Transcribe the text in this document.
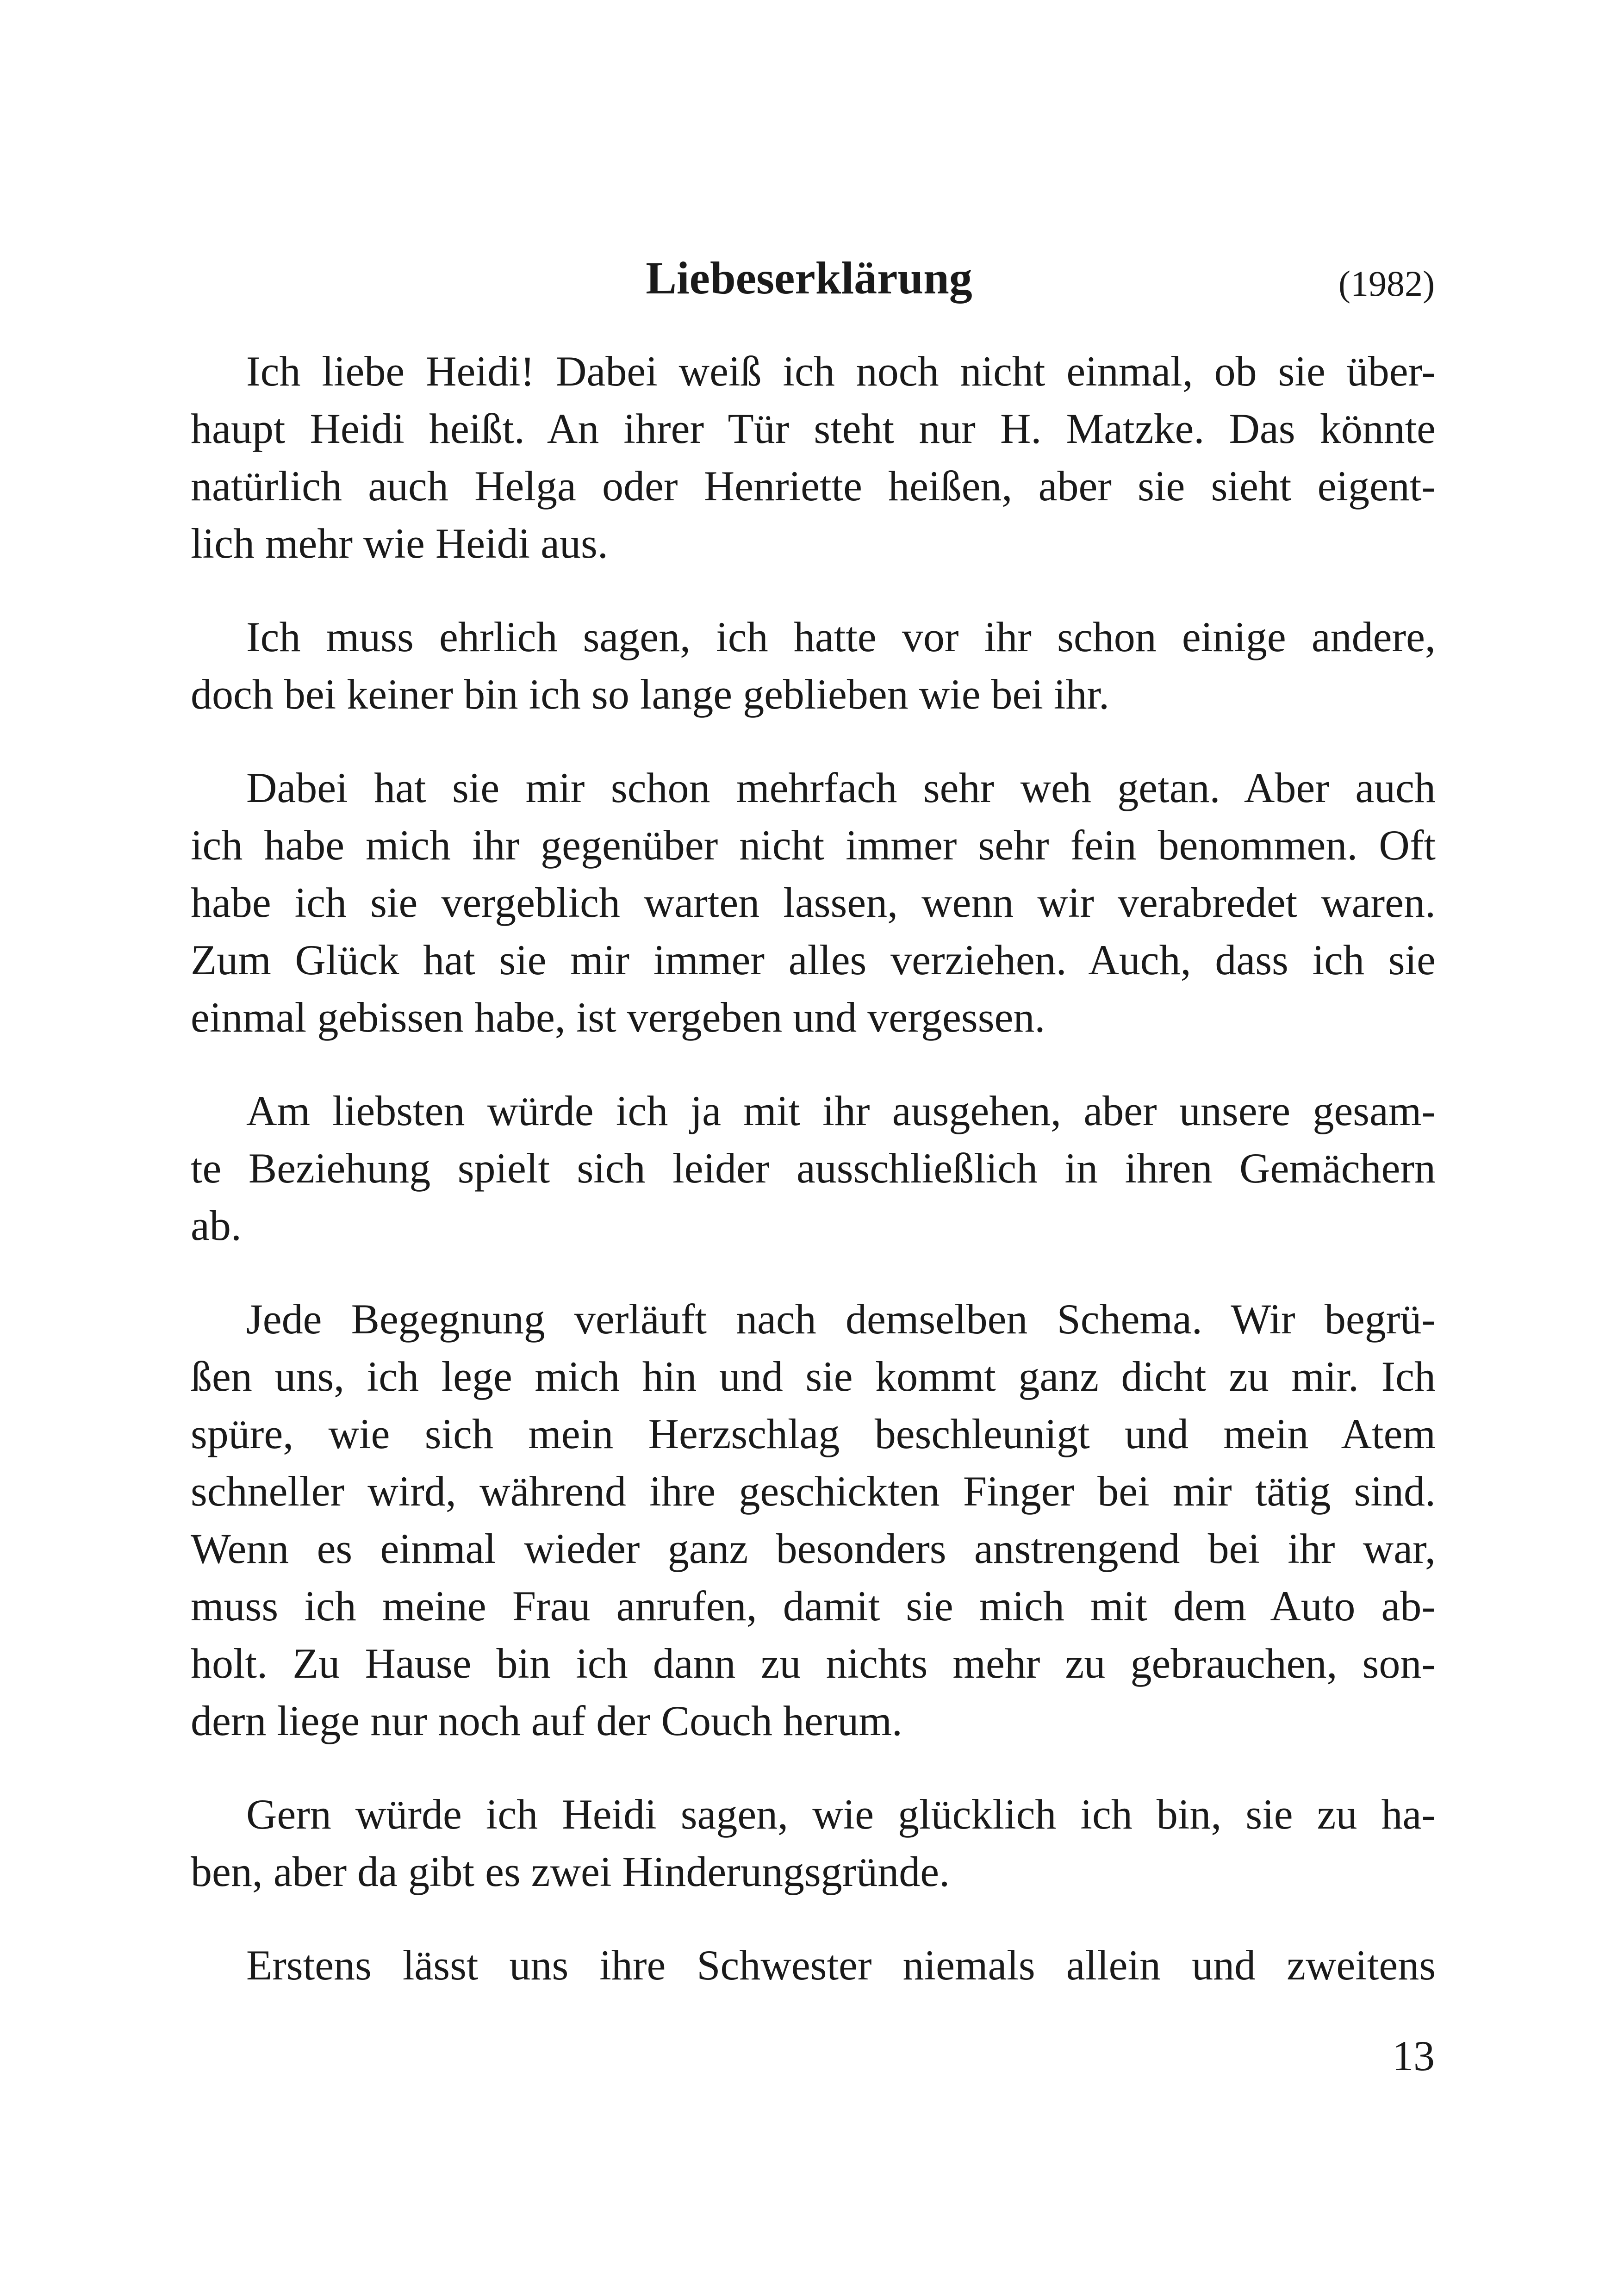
Liebeserklärung	(1982)

Ich liebe Heidi! Dabei weiß ich noch nicht einmal, ob sie über-
haupt Heidi heißt. An ihrer Tür steht nur H. Matzke. Das könnte
natürlich auch Helga oder Henriette heißen, aber sie sieht eigent-
lich mehr wie Heidi aus.

Ich muss ehrlich sagen, ich hatte vor ihr schon einige andere,
doch bei keiner bin ich so lange geblieben wie bei ihr.

Dabei hat sie mir schon mehrfach sehr weh getan. Aber auch
ich habe mich ihr gegenüber nicht immer sehr fein benommen. Oft
habe ich sie vergeblich warten lassen, wenn wir verabredet waren.
Zum Glück hat sie mir immer alles verziehen. Auch, dass ich sie
einmal gebissen habe, ist vergeben und vergessen.

Am liebsten würde ich ja mit ihr ausgehen, aber unsere gesam-
te Beziehung spielt sich leider ausschließlich in ihren Gemächern
ab.

Jede Begegnung verläuft nach demselben Schema. Wir begrü-
ßen uns, ich lege mich hin und sie kommt ganz dicht zu mir. Ich
spüre, wie sich mein Herzschlag beschleunigt und mein Atem
schneller wird, während ihre geschickten Finger bei mir tätig sind.
Wenn es einmal wieder ganz besonders anstrengend bei ihr war,
muss ich meine Frau anrufen, damit sie mich mit dem Auto ab-
holt. Zu Hause bin ich dann zu nichts mehr zu gebrauchen, son-
dern liege nur noch auf der Couch herum.

Gern würde ich Heidi sagen, wie glücklich ich bin, sie zu ha-
ben, aber da gibt es zwei Hinderungsgründe.

Erstens lässt uns ihre Schwester niemals allein und zweitens

13
